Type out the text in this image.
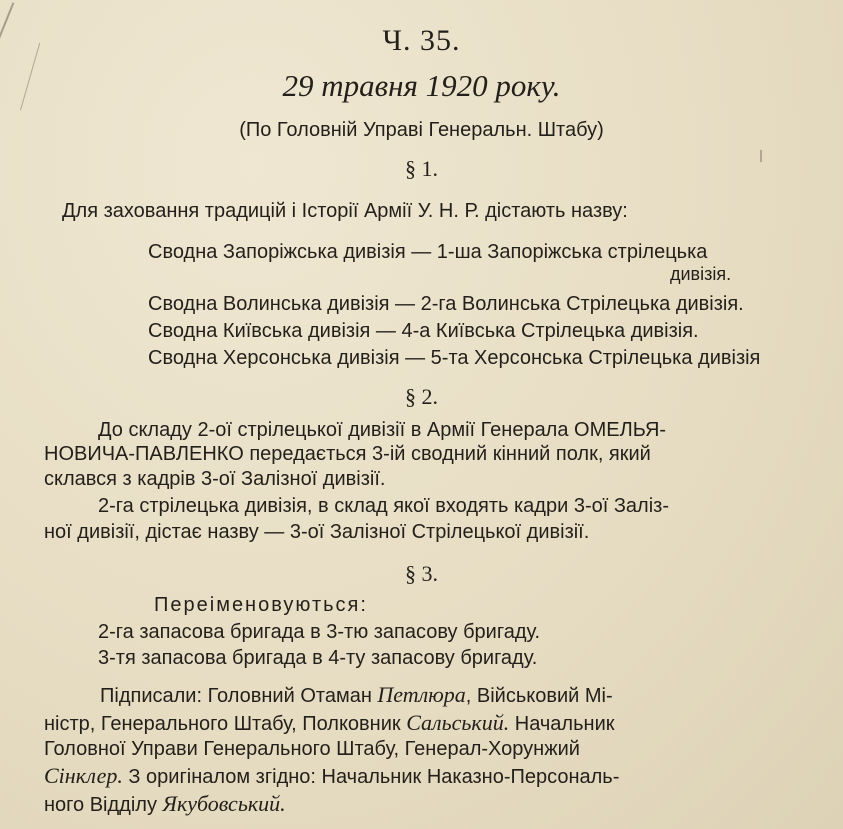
Ч. 35.
29 травня 1920 року.
(По Головній Управі Генеральн. Штабу)
§ 1.
Для заховання традицій і Історії Армії У. Н. Р. дістають назву:
Сводна Запоріжська дивізія — 1-ша Запоріжська стрілецька
дивізія.
Сводна Волинська дивізія — 2-га Волинська Стрілецька дивізія.
Сводна Київська дивізія — 4-а Київська Стрілецька дивізія.
Сводна Херсонська дивізія — 5-та Херсонська Стрілецька дивізія
§ 2.
До складу 2-ої стрілецької дивізії в Армії Генерала ОМЕЛЬЯ-
НОВИЧА-ПАВЛЕНКО передається 3-ій сводний кінний полк, який
склався з кадрів 3-ої Залізної дивізії.
2-га стрілецька дивізія, в склад якої входять кадри 3-ої Заліз-
ної дивізії, дістає назву — 3-ої Залізної Стрілецької дивізії.
§ 3.
Переіменовуються:
2-га запасова бригада в 3-тю запасову бригаду.
3-тя запасова бригада в 4-ту запасову бригаду.
Підписали: Головний Отаман Петлюра, Військовий Мі-
ністр, Генерального Штабу, Полковник Сальський. Начальник
Головної Управи Генерального Штабу, Генерал-Хорунжий
Сінклер. З оригіналом згідно: Начальник Наказно-Персональ-
ного Відділу Якубовський.
